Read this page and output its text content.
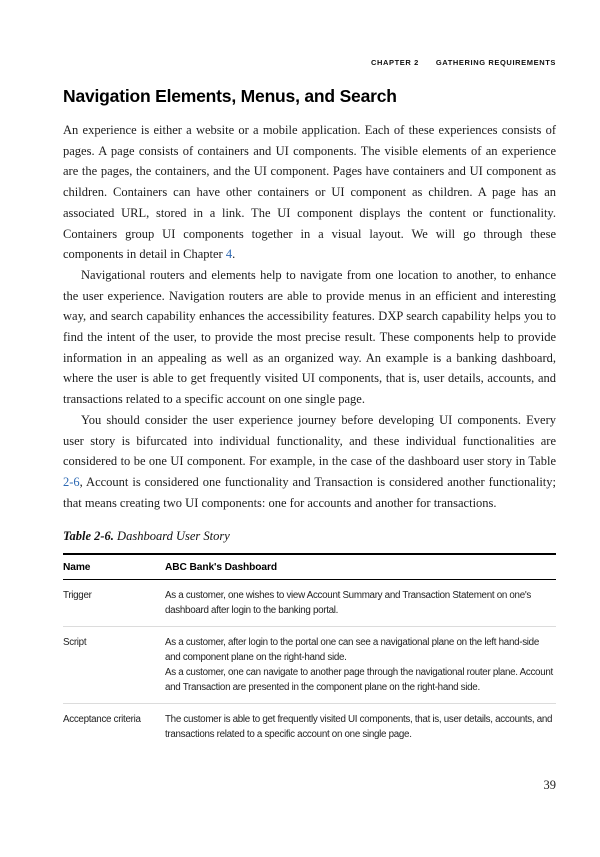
CHAPTER 2 GATHERING REQUIREMENTS
Navigation Elements, Menus, and Search

An experience is either a website or a mobile application. Each of these experiences consists of pages. A page consists of containers and UI components. The visible elements of an experience are the pages, the containers, and the UI component. Pages have containers and UI component as children. Containers can have other containers or UI component as children. A page has an associated URL, stored in a link. The UI component displays the content or functionality. Containers group UI components together in a visual layout. We will go through these components in detail in Chapter 4.

Navigational routers and elements help to navigate from one location to another, to enhance the user experience. Navigation routers are able to provide menus in an efficient and interesting way, and search capability enhances the accessibility features. DXP search capability helps you to find the intent of the user, to provide the most precise result. These components help to provide information in an appealing as well as an organized way. An example is a banking dashboard, where the user is able to get frequently visited UI components, that is, user details, accounts, and transactions related to a specific account on one single page.

You should consider the user experience journey before developing UI components. Every user story is bifurcated into individual functionality, and these individual functionalities are considered to be one UI component. For example, in the case of the dashboard user story in Table 2-6, Account is considered one functionality and Transaction is considered another functionality; that means creating two UI components: one for accounts and another for transactions.

Table 2-6. Dashboard User Story

Name	ABC Bank's Dashboard
Trigger	As a customer, one wishes to view Account Summary and Transaction Statement on one's dashboard after login to the banking portal.

Script	As a customer, after login to the portal one can see a navigational plane on the left hand-side and component plane on the right-hand side.
As a customer, one can navigate to another page through the navigational router plane. Account and Transaction are presented in the component plane on the right-hand side.

Acceptance criteria	The customer is able to get frequently visited UI components, that is, user details, accounts, and transactions related to a specific account on one single page.
39
